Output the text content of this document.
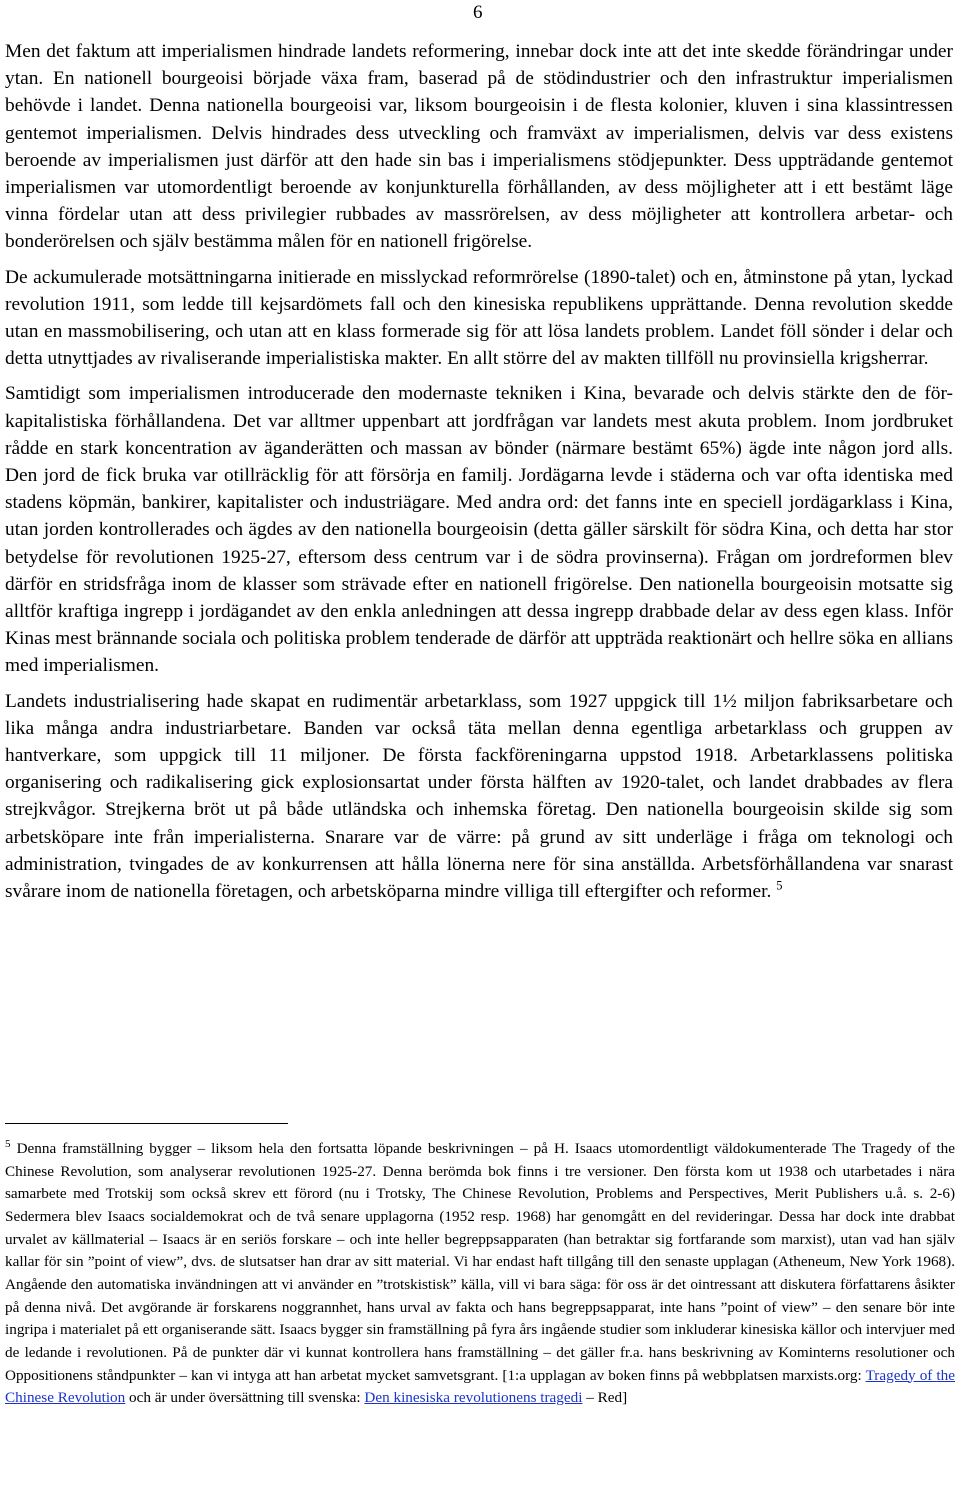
6

Men det faktum att imperialismen hindrade landets reformering, innebar dock inte att det inte skedde förändringar under ytan. En nationell bourgeoisi började växa fram, baserad på de stödindustrier och den infrastruktur imperialismen behövde i landet. Denna nationella bourgeoisi var, liksom bourgeoisin i de flesta kolonier, kluven i sina klassintressen gentemot imperialismen. Delvis hindrades dess utveckling och framväxt av imperialismen, delvis var dess existens beroende av imperialismen just därför att den hade sin bas i imperialismens stödjepunkter. Dess uppträdande gentemot imperialismen var utomordentligt beroende av konjunkturella förhållanden, av dess möjligheter att i ett bestämt läge vinna fördelar utan att dess privilegier rubbades av massrörelsen, av dess möjligheter att kontrollera arbetar- och bonderörelsen och själv bestämma målen för en nationell frigörelse.

De ackumulerade motsättningarna initierade en misslyckad reformrörelse (1890-talet) och en, åtminstone på ytan, lyckad revolution 1911, som ledde till kejsardömets fall och den kinesiska republikens upprättande. Denna revolution skedde utan en massmobilisering, och utan att en klass formerade sig för att lösa landets problem. Landet föll sönder i delar och detta utnyttjades av rivaliserande imperialistiska makter. En allt större del av makten tillföll nu provinsiella krigsherrar.

Samtidigt som imperialismen introducerade den modernaste tekniken i Kina, bevarade och delvis stärkte den de för-kapitalistiska förhållandena. Det var alltmer uppenbart att jordfrågan var landets mest akuta problem. Inom jordbruket rådde en stark koncentration av äganderätten och massan av bönder (närmare bestämt 65%) ägde inte någon jord alls. Den jord de fick bruka var otillräcklig för att försörja en familj. Jordägarna levde i städerna och var ofta identiska med stadens köpmän, bankirer, kapitalister och industriägare. Med andra ord: det fanns inte en speciell jordägarklass i Kina, utan jorden kontrollerades och ägdes av den nationella bourgeoisin (detta gäller särskilt för södra Kina, och detta har stor betydelse för revolutionen 1925-27, eftersom dess centrum var i de södra provinserna). Frågan om jordreformen blev därför en stridsfråga inom de klasser som strävade efter en nationell frigörelse. Den nationella bourgeoisin motsatte sig alltför kraftiga ingrepp i jordägandet av den enkla anledningen att dessa ingrepp drabbade delar av dess egen klass. Inför Kinas mest brännande sociala och politiska problem tenderade de därför att uppträda reaktionärt och hellre söka en allians med imperialismen.

Landets industrialisering hade skapat en rudimentär arbetarklass, som 1927 uppgick till 1½ miljon fabriksarbetare och lika många andra industriarbetare. Banden var också täta mellan denna egentliga arbetarklass och gruppen av hantverkare, som uppgick till 11 miljoner. De första fackföreningarna uppstod 1918. Arbetarklassens politiska organisering och radikalisering gick explosionsartat under första hälften av 1920-talet, och landet drabbades av flera strejkvågor. Strejkerna bröt ut på både utländska och inhemska företag. Den nationella bourgeoisin skilde sig som arbetsköpare inte från imperialisterna. Snarare var de värre: på grund av sitt underläge i fråga om teknologi och administration, tvingades de av konkurrensen att hålla lönerna nere för sina anställda. Arbetsförhållandena var snarast svårare inom de nationella företagen, och arbetsköparna mindre villiga till eftergifter och reformer. $^5$

$^5$ Denna framställning bygger – liksom hela den fortsatta löpande beskrivningen – på H. Isaacs utomordentligt väldokumenterade The Tragedy of the Chinese Revolution, som analyserar revolutionen 1925-27. Denna berömda bok finns i tre versioner. Den första kom ut 1938 och utarbetades i nära samarbete med Trotskij som också skrev ett förord (nu i Trotsky, The Chinese Revolution, Problems and Perspectives, Merit Publishers u.å. s. 2-6) Sedermera blev Isaacs socialdemokrat och de två senare upplagorna (1952 resp. 1968) har genomgått en del revideringar. Dessa har dock inte drabbat urvalet av källmaterial – Isaacs är en seriös forskare – och inte heller begreppsapparaten (han betraktar sig fortfarande som marxist), utan vad han själv kallar för sin ”point of view”, dvs. de slutsatser han drar av sitt material. Vi har endast haft tillgång till den senaste upplagan (Atheneum, New York 1968). Angående den automatiska invändningen att vi använder en ”trotskistisk” källa, vill vi bara säga: för oss är det ointressant att diskutera författarens åsikter på denna nivå. Det avgörande är forskarens noggrannhet, hans urval av fakta och hans begreppsapparat, inte hans ”point of view” – den senare bör inte ingripa i materialet på ett organiserande sätt. Isaacs bygger sin framställning på fyra års ingående studier som inkluderar kinesiska källor och intervjuer med de ledande i revolutionen. På de punkter där vi kunnat kontrollera hans framställning – det gäller fr.a. hans beskrivning av Kominterns resolutioner och Oppositionens ståndpunkter – kan vi intyga att han arbetat mycket samvetsgrant. [1:a upplagan av boken finns på webbplatsen marxists.org: Tragedy of the Chinese Revolution och är under översättning till svenska: Den kinesiska revolutionens tragedi – Red]
